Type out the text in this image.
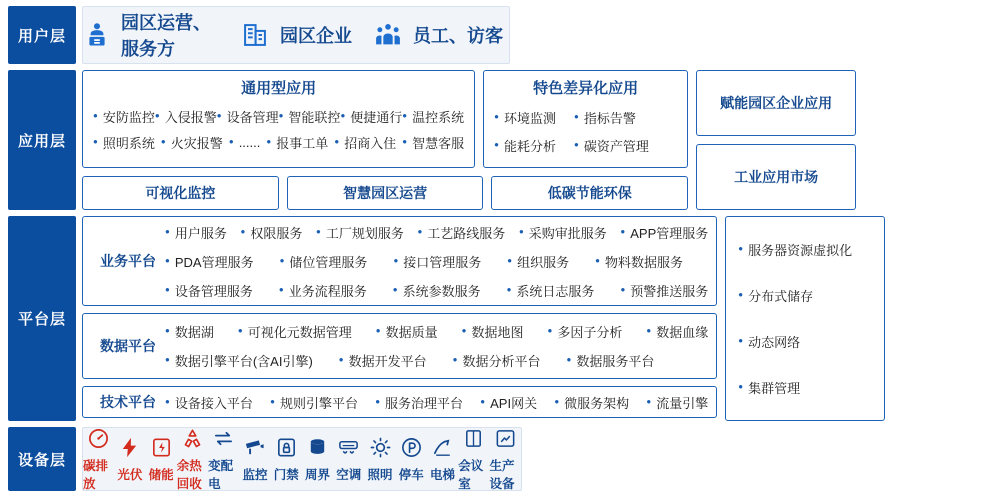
用户层
园区运营、服务方
园区企业	员工、访客
应用层
通用型应用
● 安防监控 ● 入侵报警 ● 设备管理 ● 智能联控 ● 便捷通行 ● 温控系统
● 照明系统	● 火灾报警	● ......	● 报事工单	● 招商入住	● 智慧客服
特色差异化应用
● 环境监测	● 指标告警
● 能耗分析	● 碳资产管理
可视化监控	智慧园区运营	低碳节能环保
赋能园区企业应用
工业应用市场
平台层
业务平台
● 用户服务	● 权限服务	● 工厂规划服务	● 工艺路线服务	● 采购审批服务	● APP管理服务
● PDA管理服务	● 储位管理服务	● 接口管理服务	● 组织服务	● 物料数据服务
● 设备管理服务	● 业务流程服务	● 系统参数服务	● 系统日志服务	● 预警推送服务
数据平台
● 数据湖	● 可视化元数据管理	● 数据质量	● 数据地图	● 多因子分析	● 数据血缘
● 数据引擎平台(含AI引擎)	● 数据开发平台	● 数据分析平台	● 数据服务平台
技术平台	● 设备接入平台	● 规则引擎平台	● 服务治理平台	● API网关	● 微服务架构	● 流量引擎
● 服务器资源虚拟化
● 分布式储存
● 动态网络
● 集群管理
设备层	碳排放
光伏 储能
余热回收
变配电
监控 门禁 周界 空调 照明 停车 电梯
会议室
生产设备
